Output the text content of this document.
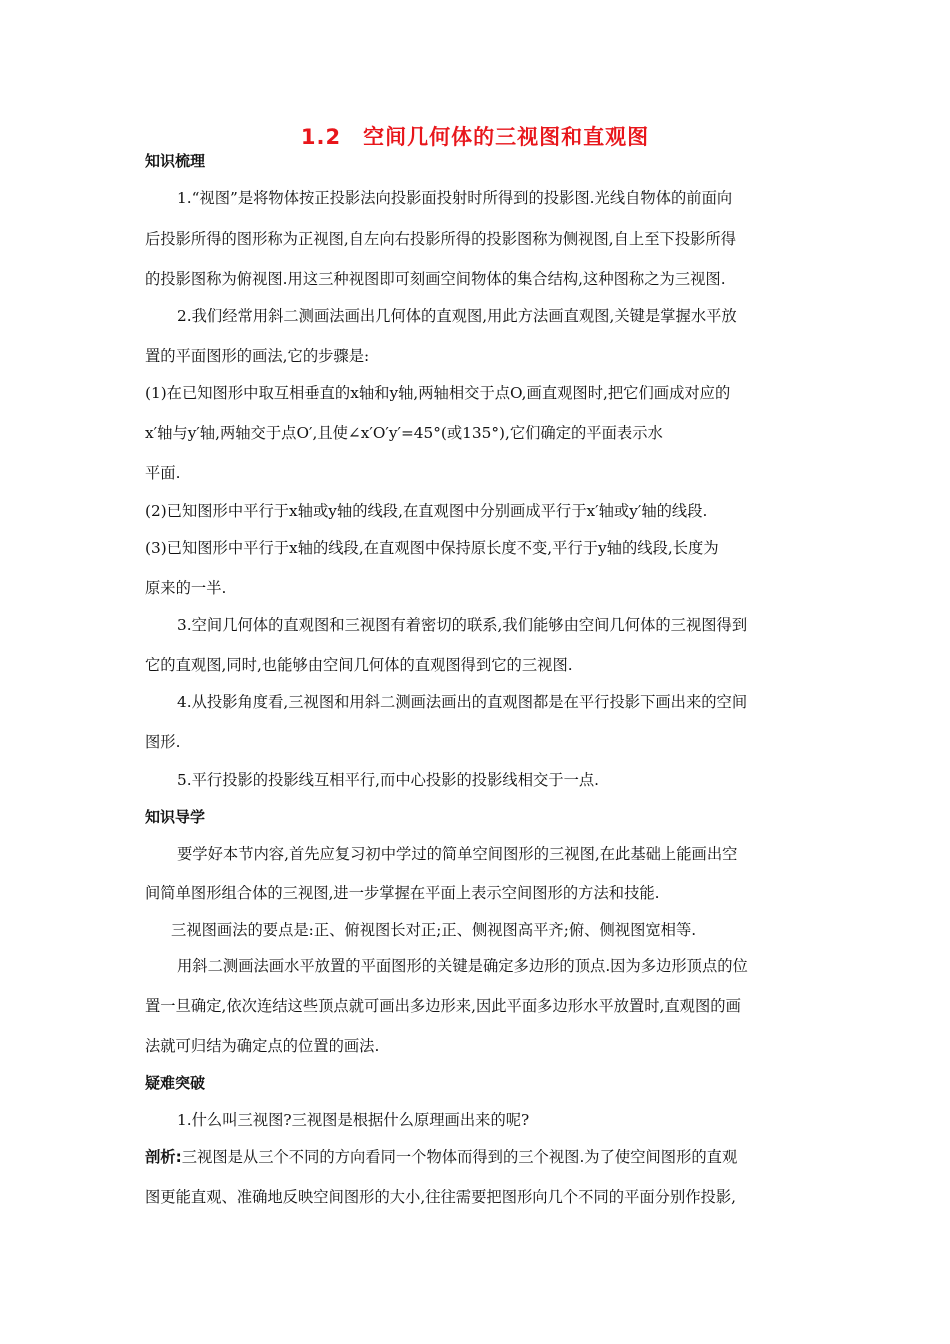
1.2　空间几何体的三视图和直观图
知识梳理
1.“视图”是将物体按正投影法向投影面投射时所得到的投影图.光线自物体的前面向
后投影所得的图形称为正视图,自左向右投影所得的投影图称为侧视图,自上至下投影所得
的投影图称为俯视图.用这三种视图即可刻画空间物体的集合结构,这种图称之为三视图.
2.我们经常用斜二测画法画出几何体的直观图,用此方法画直观图,关键是掌握水平放
置的平面图形的画法,它的步骤是:
(1)在已知图形中取互相垂直的x轴和y轴,两轴相交于点O,画直观图时,把它们画成对应的
x′轴与y′轴,两轴交于点O′,且使∠x′O′y′=45°(或135°),它们确定的平面表示水
平面.
(2)已知图形中平行于x轴或y轴的线段,在直观图中分别画成平行于x′轴或y′轴的线段.
(3)已知图形中平行于x轴的线段,在直观图中保持原长度不变,平行于y轴的线段,长度为
原来的一半.
3.空间几何体的直观图和三视图有着密切的联系,我们能够由空间几何体的三视图得到
它的直观图,同时,也能够由空间几何体的直观图得到它的三视图.
4.从投影角度看,三视图和用斜二测画法画出的直观图都是在平行投影下画出来的空间
图形.
5.平行投影的投影线互相平行,而中心投影的投影线相交于一点.
知识导学
要学好本节内容,首先应复习初中学过的简单空间图形的三视图,在此基础上能画出空
间简单图形组合体的三视图,进一步掌握在平面上表示空间图形的方法和技能.
三视图画法的要点是:正、俯视图长对正;正、侧视图高平齐;俯、侧视图宽相等.
用斜二测画法画水平放置的平面图形的关键是确定多边形的顶点.因为多边形顶点的位
置一旦确定,依次连结这些顶点就可画出多边形来,因此平面多边形水平放置时,直观图的画
法就可归结为确定点的位置的画法.
疑难突破
1.什么叫三视图?三视图是根据什么原理画出来的呢?
剖析:三视图是从三个不同的方向看同一个物体而得到的三个视图.为了使空间图形的直观
图更能直观、准确地反映空间图形的大小,往往需要把图形向几个不同的平面分别作投影,
